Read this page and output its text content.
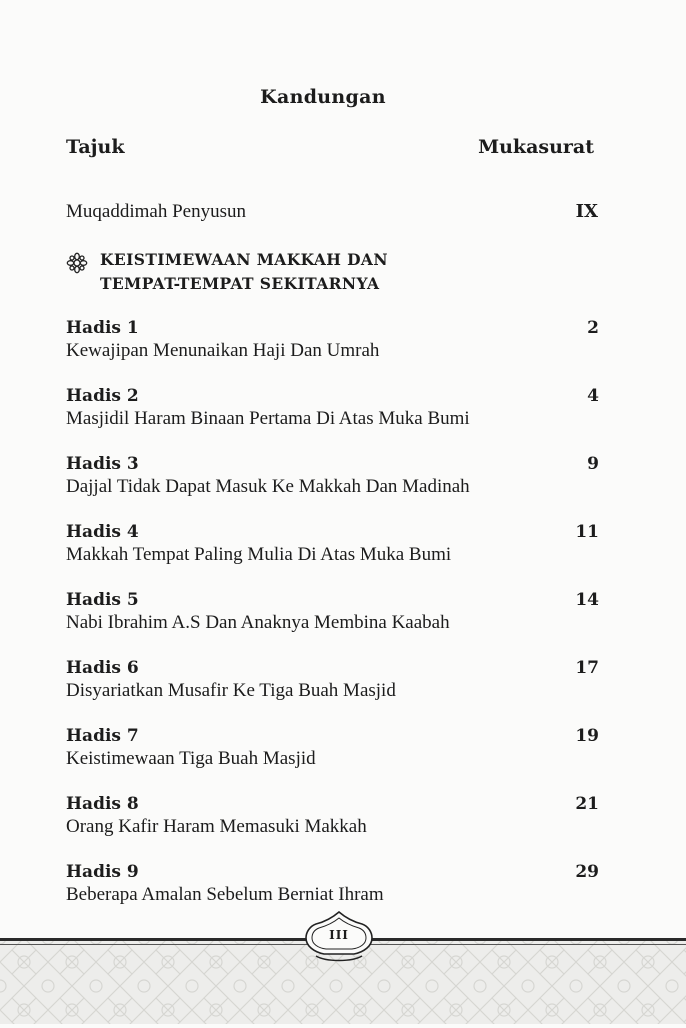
Kandungan
Tajuk	Mukasurat
Muqaddimah Penyusun	IX
KEISTIMEWAAN MAKKAH DAN
TEMPAT-TEMPAT SEKITARNYA
Hadis 1	2
Kewajipan Menunaikan Haji Dan Umrah
Hadis 2	4
Masjidil Haram Binaan Pertama Di Atas Muka Bumi
Hadis 3	9
Dajjal Tidak Dapat Masuk Ke Makkah Dan Madinah
Hadis 4	11
Makkah Tempat Paling Mulia Di Atas Muka Bumi
Hadis 5	14
Nabi Ibrahim A.S Dan Anaknya Membina Kaabah
Hadis 6	17
Disyariatkan Musafir Ke Tiga Buah Masjid
Hadis 7	19
Keistimewaan Tiga Buah Masjid
Hadis 8	21
Orang Kafir Haram Memasuki Makkah
Hadis 9	29
Beberapa Amalan Sebelum Berniat Ihram
III
